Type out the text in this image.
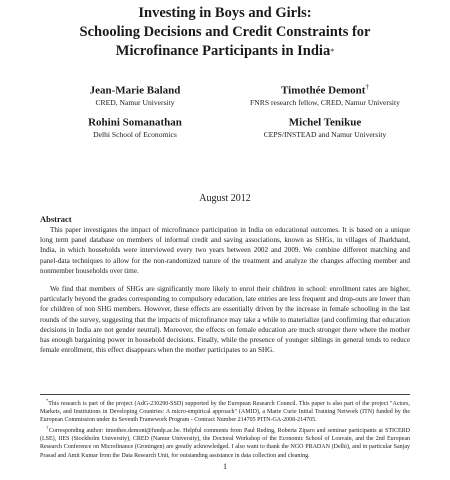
Investing in Boys and Girls:
Schooling Decisions and Credit Constraints for
Microfinance Participants in India*
Jean-Marie Baland
CRED, Namur University
Timothée Demont†
FNRS research fellow, CRED, Namur University
Rohini Somanathan
Delhi School of Economics
Michel Tenikue
CEPS/INSTEAD and Namur University
August 2012
Abstract

This paper investigates the impact of microfinance participation in India on educational outcomes. It is based on a unique long term panel database on members of informal credit and saving associations, known as SHGs, in villages of Jharkhand, India, in which households were interviewed every two years between 2002 and 2009. We combine different matching and panel-data techniques to allow for the non-randomized nature of the treatment and analyze the changes affecting member and nonmember households over time.

We find that members of SHGs are significantly more likely to enrol their children in school: enrollment rates are higher, particularly beyond the grades corresponding to compulsory education, late entries are less frequent and drop-outs are lower than for children of non SHG members. However, these effects are essentially driven by the increase in female schooling in the last rounds of the survey, suggesting that the impacts of microfinance may take a while to materialize (and confirming that education decisions in India are not gender neutral). Moreover, the effects on female education are much stronger there where the mother has enough bargaining power in household decisions. Finally, while the presence of younger siblings in general tends to reduce female enrollment, this effect disappears when the mother participates to an SHG.

*This research is part of the project (AdG-230290-SSD) supported by the European Research Council. This paper is also part of the project "Actors, Markets, and Institutions in Developing Countries: A micro-empirical approach" (AMID), a Marie Curie Initial Training Network (ITN) funded by the European Commission under its Seventh Framework Program - Contract Number 214705 PITN-GA-2008-214705.

†Corresponding author: timothee.demont@fundp.ac.be. Helpful comments from Paul Reding, Roberta Ziparo and seminar participants at STICERD (LSE), IIES (Stockholm University), CRED (Namur University), the Doctoral Workshop of the Economic School of Louvain, and the 2nd European Research Conference on Microfinance (Groningen) are greatly acknowledged. I also want to thank the NGO PRADAN (Delhi), and in particular Sanjay Prasad and Amit Kumar from the Data Research Unit, for outstanding assistance in data collection and cleaning.

1
